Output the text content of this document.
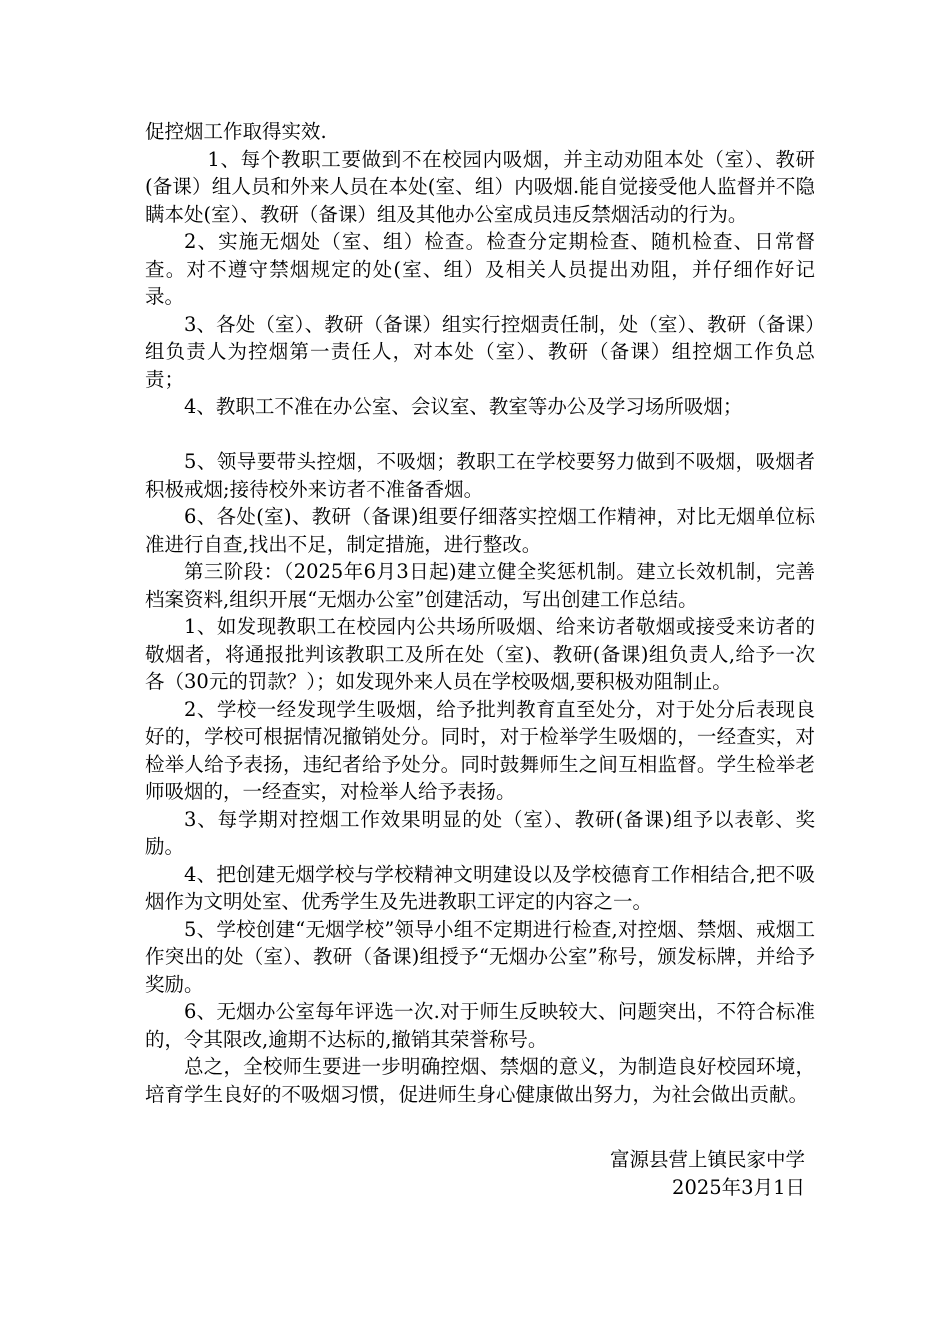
促控烟工作取得实效.

1、每个教职工要做到不在校园内吸烟，并主动劝阻本处（室）、教研(备课）组人员和外来人员在本处(室、组）内吸烟.能自觉接受他人监督并不隐瞒本处(室）、教研（备课）组及其他办公室成员违反禁烟活动的行为。

2、实施无烟处（室、组）检查。检查分定期检查、随机检查、日常督查。对不遵守禁烟规定的处(室、组）及相关人员提出劝阻，并仔细作好记录。

3、各处（室）、教研（备课）组实行控烟责任制，处（室）、教研（备课）组负责人为控烟第一责任人，对本处（室）、教研（备课）组控烟工作负总责；

4、教职工不准在办公室、会议室、教室等办公及学习场所吸烟；

5、领导要带头控烟，不吸烟；教职工在学校要努力做到不吸烟，吸烟者积极戒烟;接待校外来访者不准备香烟。

6、各处(室)、教研（备课)组要仔细落实控烟工作精神，对比无烟单位标准进行自查,找出不足，制定措施，进行整改。

第三阶段：（2025年6月3日起)建立健全奖惩机制。建立长效机制，完善档案资料,组织开展“无烟办公室”创建活动，写出创建工作总结。

1、如发现教职工在校园内公共场所吸烟、给来访者敬烟或接受来访者的敬烟者，将通报批判该教职工及所在处（室)、教研(备课)组负责人,给予一次各（30元的罚款？）；如发现外来人员在学校吸烟,要积极劝阻制止。

2、学校一经发现学生吸烟，给予批判教育直至处分，对于处分后表现良好的，学校可根据情况撤销处分。同时，对于检举学生吸烟的，一经查实，对检举人给予表扬，违纪者给予处分。同时鼓舞师生之间互相监督。学生检举老师吸烟的，一经查实，对检举人给予表扬。

3、每学期对控烟工作效果明显的处（室）、教研(备课)组予以表彰、奖励。

4、把创建无烟学校与学校精神文明建设以及学校德育工作相结合,把不吸烟作为文明处室、优秀学生及先进教职工评定的内容之一。

5、学校创建“无烟学校”领导小组不定期进行检查,对控烟、禁烟、戒烟工作突出的处（室）、教研（备课)组授予“无烟办公室”称号，颁发标牌，并给予奖励。

6、无烟办公室每年评选一次.对于师生反映较大、问题突出，不符合标准的，令其限改,逾期不达标的,撤销其荣誉称号。

总之，全校师生要进一步明确控烟、禁烟的意义，为制造良好校园环境，培育学生良好的不吸烟习惯，促进师生身心健康做出努力，为社会做出贡献。

富源县营上镇民家中学
2025年3月1日
